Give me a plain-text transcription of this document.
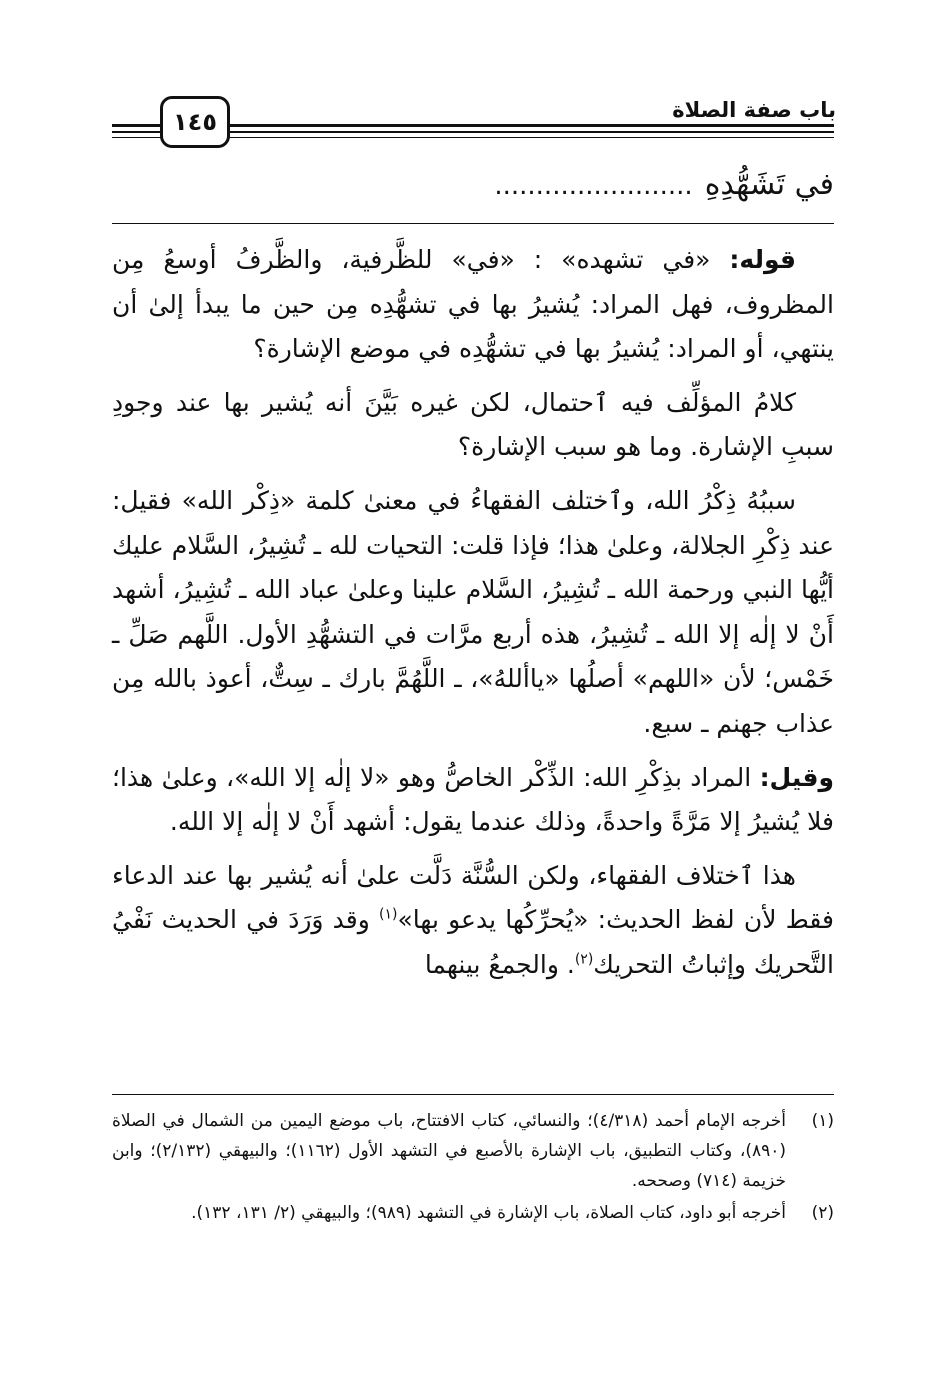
باب صفة الصلاة
١٤٥
في تَشَهُّدِهِ........................

قوله: «في تشهده» : «في» للظَّرفية، والظَّرفُ أوسعُ مِن المظروف، فهل المراد: يُشيرُ بها في تشهُّدِه مِن حين ما يبدأ إلىٰ أن ينتهي، أو المراد: يُشيرُ بها في تشهُّدِه في موضع الإشارة؟

كلامُ المؤلِّف فيه ٱحتمال، لكن غيره بَيَّنَ أنه يُشير بها عند وجودِ سببِ الإشارة. وما هو سبب الإشارة؟

سببُهُ ذِكْرُ الله، وٱختلف الفقهاءُ في معنىٰ كلمة «ذِكْر الله» فقيل: عند ذِكْرِ الجلالة، وعلىٰ هذا؛ فإذا قلت: التحيات لله ـ تُشِيرُ، السَّلام عليك أيُّها النبي ورحمة الله ـ تُشِيرُ، السَّلام علينا وعلىٰ عباد الله ـ تُشِيرُ، أشهد أَنْ لا إلٰه إلا الله ـ تُشِيرُ، هذه أربع مرَّات في التشهُّدِ الأول. اللَّهم صَلِّ ـ خَمْس؛ لأن «اللهم» أصلُها «ياأللهُ»، ـ اللَّهُمَّ بارك ـ سِتٌّ، أعوذ بالله مِن عذاب جهنم ـ سبع.

وقيل: المراد بذِكْرِ الله: الذِّكْر الخاصُّ وهو «لا إلٰه إلا الله»، وعلىٰ هذا؛ فلا يُشيرُ إلا مَرَّةً واحدةً، وذلك عندما يقول: أشهد أَنْ لا إلٰه إلا الله.

هذا ٱختلاف الفقهاء، ولكن السُّنَّة دَلَّت علىٰ أنه يُشير بها عند الدعاء فقط لأن لفظ الحديث: «يُحرِّكُها يدعو بها»$^{(١)}$ وقد وَرَدَ في الحديث نَفْيُ التَّحريك وإثباتُ التحريك$^{(٢)}$. والجمعُ بينهما

(١)
أخرجه الإمام أحمد (٤/٣١٨)؛ والنسائي، كتاب الافتتاح، باب موضع اليمين من الشمال في الصلاة (٨٩٠)، وكتاب التطبيق، باب الإشارة بالأصبع في التشهد الأول (١١٦٢)؛ والبيهقي (٢/١٣٢)؛ وابن خزيمة (٧١٤) وصححه.
(٢)
أخرجه أبو داود، كتاب الصلاة، باب الإشارة في التشهد (٩٨٩)؛ والبيهقي (٢/ ١٣١، ١٣٢).
